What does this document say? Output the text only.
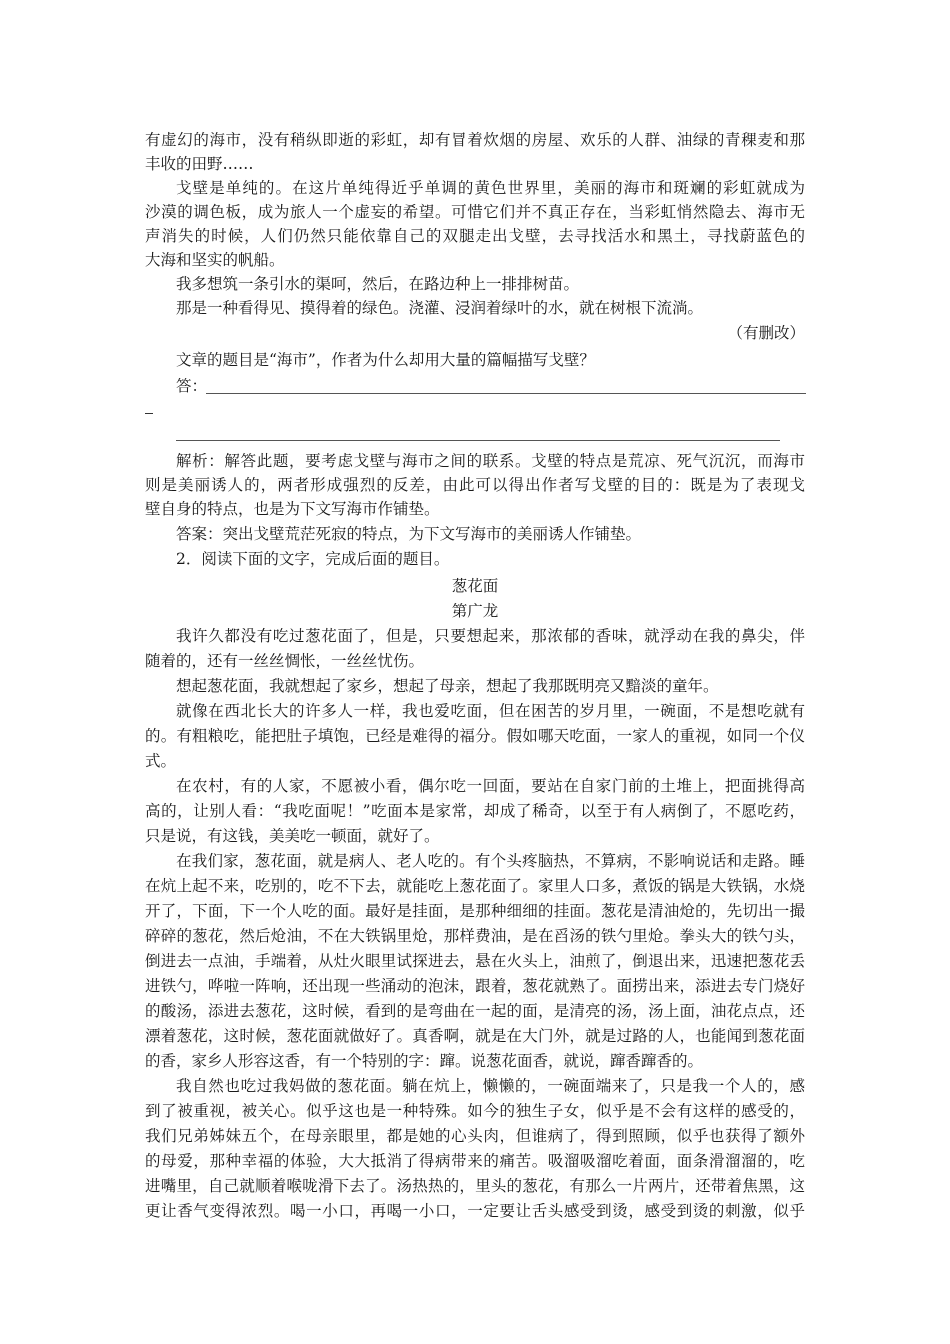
有虚幻的海市，没有稍纵即逝的彩虹，却有冒着炊烟的房屋、欢乐的人群、油绿的青稞麦和那
丰收的田野……
戈壁是单纯的。在这片单纯得近乎单调的黄色世界里，美丽的海市和斑斓的彩虹就成为
沙漠的调色板，成为旅人一个虚妄的希望。可惜它们并不真正存在，当彩虹悄然隐去、海市无
声消失的时候，人们仍然只能依靠自己的双腿走出戈壁，去寻找活水和黑土，寻找蔚蓝色的
大海和坚实的帆船。
我多想筑一条引水的渠呵，然后，在路边种上一排排树苗。
那是一种看得见、摸得着的绿色。浇灌、浸润着绿叶的水，就在树根下流淌。
（有删改）
文章的题目是“海市”，作者为什么却用大量的篇幅描写戈壁？
答：
解析：解答此题，要考虑戈壁与海市之间的联系。戈壁的特点是荒凉、死气沉沉，而海市
则是美丽诱人的，两者形成强烈的反差，由此可以得出作者写戈壁的目的：既是为了表现戈
壁自身的特点，也是为下文写海市作铺垫。
答案：突出戈壁荒茫死寂的特点，为下文写海市的美丽诱人作铺垫。
2．阅读下面的文字，完成后面的题目。
葱花面
第广龙
我许久都没有吃过葱花面了，但是，只要想起来，那浓郁的香味，就浮动在我的鼻尖，伴
随着的，还有一丝丝惆怅，一丝丝忧伤。
想起葱花面，我就想起了家乡，想起了母亲，想起了我那既明亮又黯淡的童年。
就像在西北长大的许多人一样，我也爱吃面，但在困苦的岁月里，一碗面，不是想吃就有
的。有粗粮吃，能把肚子填饱，已经是难得的福分。假如哪天吃面，一家人的重视，如同一个仪
式。
在农村，有的人家，不愿被小看，偶尔吃一回面，要站在自家门前的土堆上，把面挑得高
高的，让别人看：“我吃面呢！”吃面本是家常，却成了稀奇，以至于有人病倒了，不愿吃药，
只是说，有这钱，美美吃一顿面，就好了。
在我们家，葱花面，就是病人、老人吃的。有个头疼脑热，不算病，不影响说话和走路。睡
在炕上起不来，吃别的，吃不下去，就能吃上葱花面了。家里人口多，煮饭的锅是大铁锅，水烧
开了，下面，下一个人吃的面。最好是挂面，是那种细细的挂面。葱花是清油炝的，先切出一撮
碎碎的葱花，然后炝油，不在大铁锅里炝，那样费油，是在舀汤的铁勺里炝。拳头大的铁勺头，
倒进去一点油，手端着，从灶火眼里试探进去，悬在火头上，油煎了，倒退出来，迅速把葱花丢
进铁勺，哗啦一阵响，还出现一些涌动的泡沫，跟着，葱花就熟了。面捞出来，添进去专门烧好
的酸汤，添进去葱花，这时候，看到的是弯曲在一起的面，是清亮的汤，汤上面，油花点点，还
漂着葱花，这时候，葱花面就做好了。真香啊，就是在大门外，就是过路的人，也能闻到葱花面
的香，家乡人形容这香，有一个特别的字：蹿。说葱花面香，就说，蹿香蹿香的。
我自然也吃过我妈做的葱花面。躺在炕上，懒懒的，一碗面端来了，只是我一个人的，感
到了被重视，被关心。似乎这也是一种特殊。如今的独生子女，似乎是不会有这样的感受的，
我们兄弟姊妹五个，在母亲眼里，都是她的心头肉，但谁病了，得到照顾，似乎也获得了额外
的母爱，那种幸福的体验，大大抵消了得病带来的痛苦。吸溜吸溜吃着面，面条滑溜溜的，吃
进嘴里，自己就顺着喉咙滑下去了。汤热热的，里头的葱花，有那么一片两片，还带着焦黑，这
更让香气变得浓烈。喝一小口，再喝一小口，一定要让舌头感受到烫，感受到烫的刺激，似乎
